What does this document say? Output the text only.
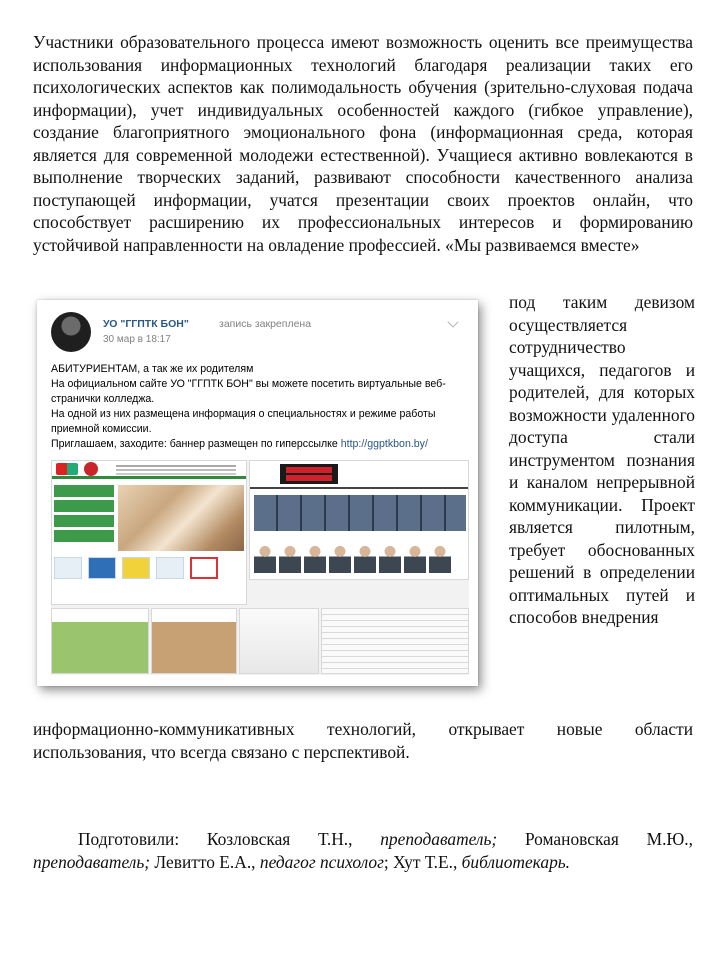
Участники образовательного процесса имеют возможность оценить все преимущества использования информационных технологий благодаря реализации таких его психологических аспектов как полимодальность обучения (зрительно-слуховая подача информации), учет индивидуальных особенностей каждого (гибкое управление), создание благоприятного эмоционального фона (информационная среда, которая является для современной молодежи естественной). Учащиеся активно вовлекаются в выполнение творческих заданий, развивают способности качественного анализа поступающей информации, учатся презентации своих проектов онлайн, что способствует расширению их профессиональных интересов и формированию устойчивой направленности на овладение профессией. «Мы развиваемся вместе»
УО "ГГПТК БОН"	запись закреплена
30 мар в 18:17

АБИТУРИЕНТАМ, а так же их родителям

На официальном сайте УО "ГГПТК БОН" вы можете посетить виртуальные веб-странички колледжа.

На одной из них размещена информация о специальностях и режиме работы приемной комиссии.

Приглашаем, заходите: баннер размещен по гиперссылке http://ggptkbon.by/

под таким девизом осуществляется сотрудничество учащихся, педагогов и родителей, для которых возможности удаленного доступа стали инструментом познания и каналом непрерывной коммуникации. Проект является пилотным, требует обоснованных решений в определении оптимальных путей и способов внедрения
информационно-коммуникативных технологий, открывает новые области использования, что всегда связано с перспективой.
Подготовили: Козловская Т.Н., преподаватель; Романовская М.Ю., преподаватель; Левитто Е.А., педагог психолог; Хут Т.Е., библиотекарь.
